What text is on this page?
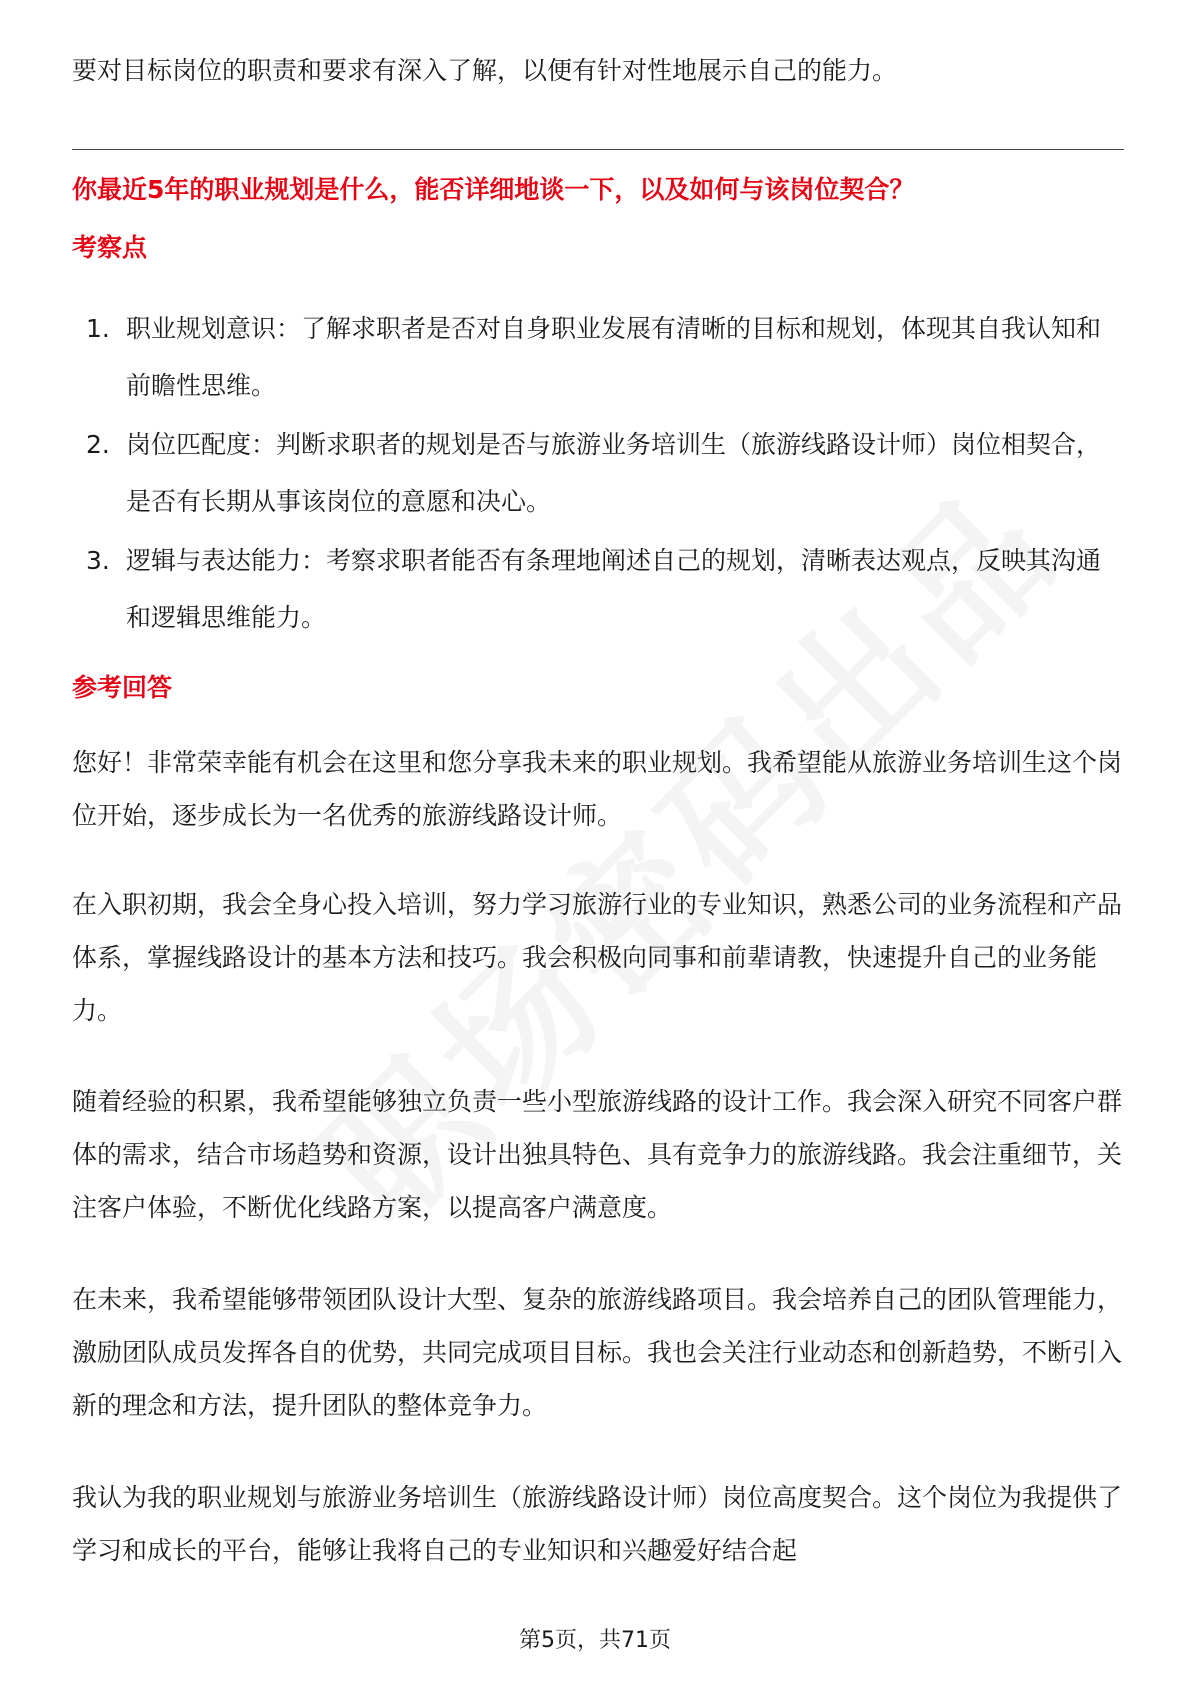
要对目标岗位的职责和要求有深入了解，以便有针对性地展示自己的能力。

你最近5年的职业规划是什么，能否详细地谈一下，以及如何与该岗位契合？

考察点

1. 职业规划意识：了解求职者是否对自身职业发展有清晰的目标和规划，体现其自我认知和前瞻性思维。
2. 岗位匹配度：判断求职者的规划是否与旅游业务培训生（旅游线路设计师）岗位相契合，是否有长期从事该岗位的意愿和决心。
3. 逻辑与表达能力：考察求职者能否有条理地阐述自己的规划，清晰表达观点，反映其沟通和逻辑思维能力。

参考回答

您好！非常荣幸能有机会在这里和您分享我未来的职业规划。我希望能从旅游业务培训生这个岗位开始，逐步成长为一名优秀的旅游线路设计师。

在入职初期，我会全身心投入培训，努力学习旅游行业的专业知识，熟悉公司的业务流程和产品体系，掌握线路设计的基本方法和技巧。我会积极向同事和前辈请教，快速提升自己的业务能力。

随着经验的积累，我希望能够独立负责一些小型旅游线路的设计工作。我会深入研究不同客户群体的需求，结合市场趋势和资源，设计出独具特色、具有竞争力的旅游线路。我会注重细节，关注客户体验，不断优化线路方案，以提高客户满意度。

在未来，我希望能够带领团队设计大型、复杂的旅游线路项目。我会培养自己的团队管理能力，激励团队成员发挥各自的优势，共同完成项目目标。我也会关注行业动态和创新趋势，不断引入新的理念和方法，提升团队的整体竞争力。

我认为我的职业规划与旅游业务培训生（旅游线路设计师）岗位高度契合。这个岗位为我提供了学习和成长的平台，能够让我将自己的专业知识和兴趣爱好结合起

第5页，共71页
